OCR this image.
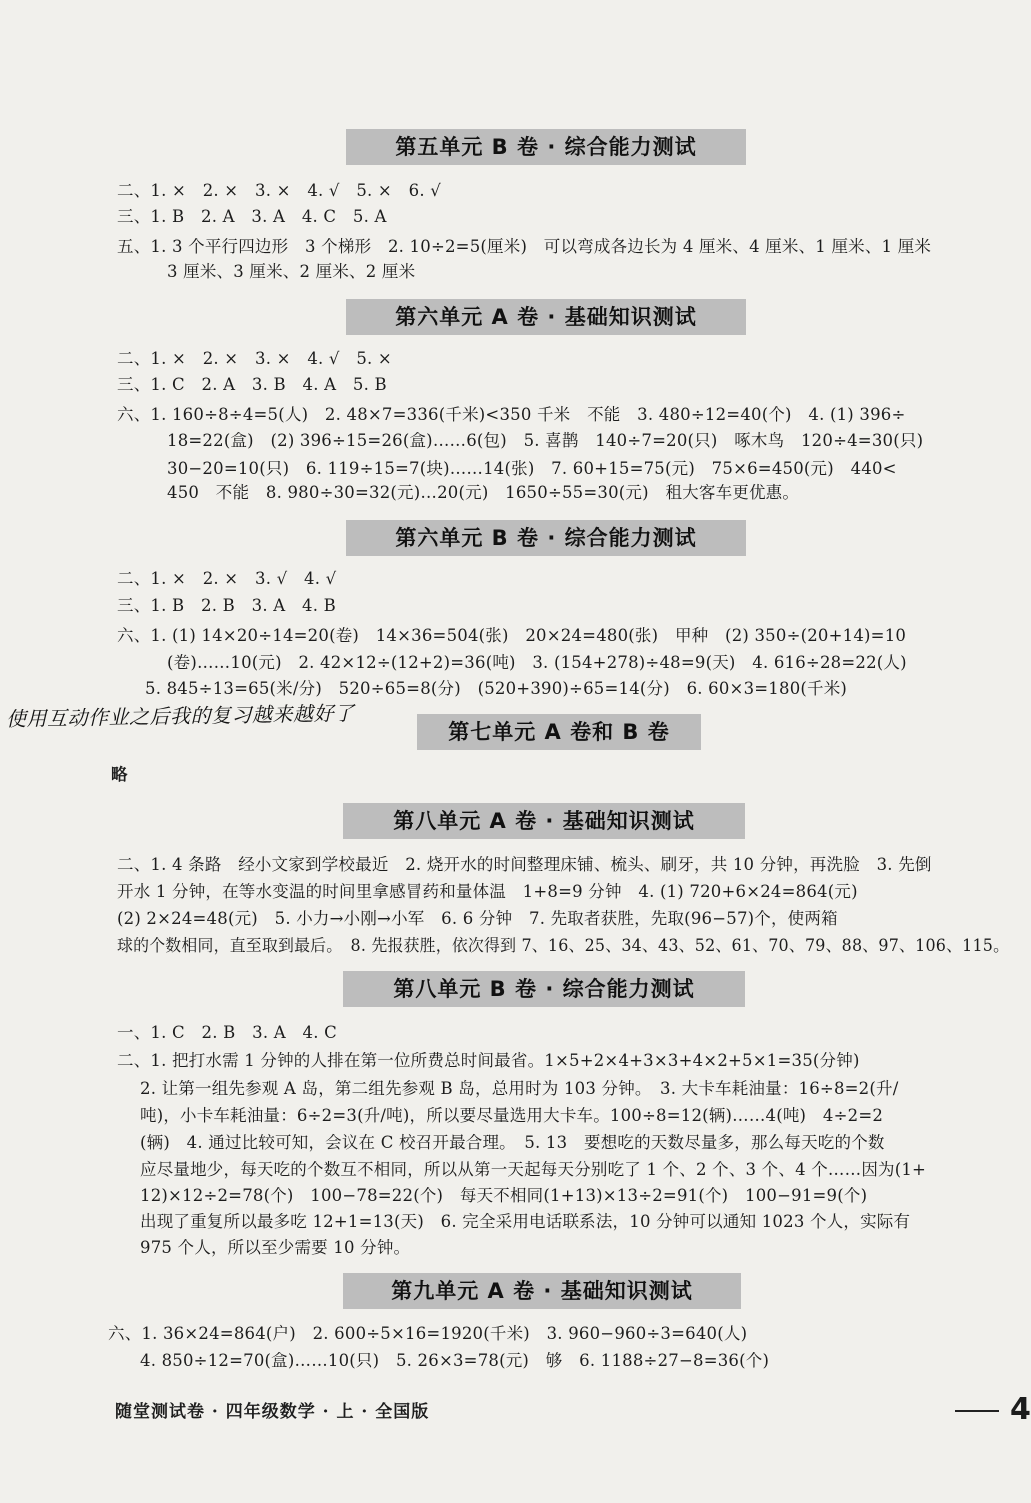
第五单元 B 卷 · 综合能力测试
二、1. ×　2. ×　3. ×　4. √　5. ×　6. √
三、1. B　2. A　3. A　4. C　5. A
五、1. 3 个平行四边形　3 个梯形　2. 10÷2=5(厘米)　可以弯成各边长为 4 厘米、4 厘米、1 厘米、1 厘米
3 厘米、3 厘米、2 厘米、2 厘米
第六单元 A 卷 · 基础知识测试
二、1. ×　2. ×　3. ×　4. √　5. ×
三、1. C　2. A　3. B　4. A　5. B
六、1. 160÷8÷4=5(人)　2. 48×7=336(千米)<350 千米　不能　3. 480÷12=40(个)　4. (1) 396÷
18=22(盒)　(2) 396÷15=26(盒)……6(包)　5. 喜鹊　140÷7=20(只)　啄木鸟　120÷4=30(只)
30−20=10(只)　6. 119÷15=7(块)……14(张)　7. 60+15=75(元)　75×6=450(元)　440<
450　不能　8. 980÷30=32(元)…20(元)　1650÷55=30(元)　租大客车更优惠。
第六单元 B 卷 · 综合能力测试
二、1. ×　2. ×　3. √　4. √
三、1. B　2. B　3. A　4. B
六、1. (1) 14×20÷14=20(卷)　14×36=504(张)　20×24=480(张)　甲种　(2) 350÷(20+14)=10
(卷)……10(元)　2. 42×12÷(12+2)=36(吨)　3. (154+278)÷48=9(天)　4. 616÷28=22(人)
5. 845÷13=65(米/分)　520÷65=8(分)　(520+390)÷65=14(分)　6. 60×3=180(千米)
使用互动作业之后我的复习越来越好了
第七单元 A 卷和 B 卷
略
第八单元 A 卷 · 基础知识测试
二、1. 4 条路　经小文家到学校最近　2. 烧开水的时间整理床铺、梳头、刷牙，共 10 分钟，再洗脸　3. 先倒
开水 1 分钟，在等水变温的时间里拿感冒药和量体温　1+8=9 分钟　4. (1) 720+6×24=864(元)
(2) 2×24=48(元)　5. 小力→小刚→小军　6. 6 分钟　7. 先取者获胜，先取(96−57)个，使两箱
球的个数相同，直至取到最后。　8. 先报获胜，依次得到 7、16、25、34、43、52、61、70、79、88、97、106、115。
第八单元 B 卷 · 综合能力测试
一、1. C　2. B　3. A　4. C
二、1. 把打水需 1 分钟的人排在第一位所费总时间最省。1×5+2×4+3×3+4×2+5×1=35(分钟)
2. 让第一组先参观 A 岛，第二组先参观 B 岛，总用时为 103 分钟。　3. 大卡车耗油量：16÷8=2(升/
吨)，小卡车耗油量：6÷2=3(升/吨)，所以要尽量选用大卡车。100÷8=12(辆)……4(吨)　4÷2=2
(辆)　4. 通过比较可知，会议在 C 校召开最合理。　5. 13　要想吃的天数尽量多，那么每天吃的个数
应尽量地少，每天吃的个数互不相同，所以从第一天起每天分别吃了 1 个、2 个、3 个、4 个……因为(1+
12)×12÷2=78(个)　100−78=22(个)　每天不相同(1+13)×13÷2=91(个)　100−91=9(个)
出现了重复所以最多吃 12+1=13(天)　6. 完全采用电话联系法，10 分钟可以通知 1023 个人，实际有
975 个人，所以至少需要 10 分钟。
第九单元 A 卷 · 基础知识测试
六、1. 36×24=864(户)　2. 600÷5×16=1920(千米)　3. 960−960÷3=640(人)
4. 850÷12=70(盒)……10(只)　5. 26×3=78(元)　够　6. 1188÷27−8=36(个)
随堂测试卷 · 四年级数学 · 上 · 全国版	4
